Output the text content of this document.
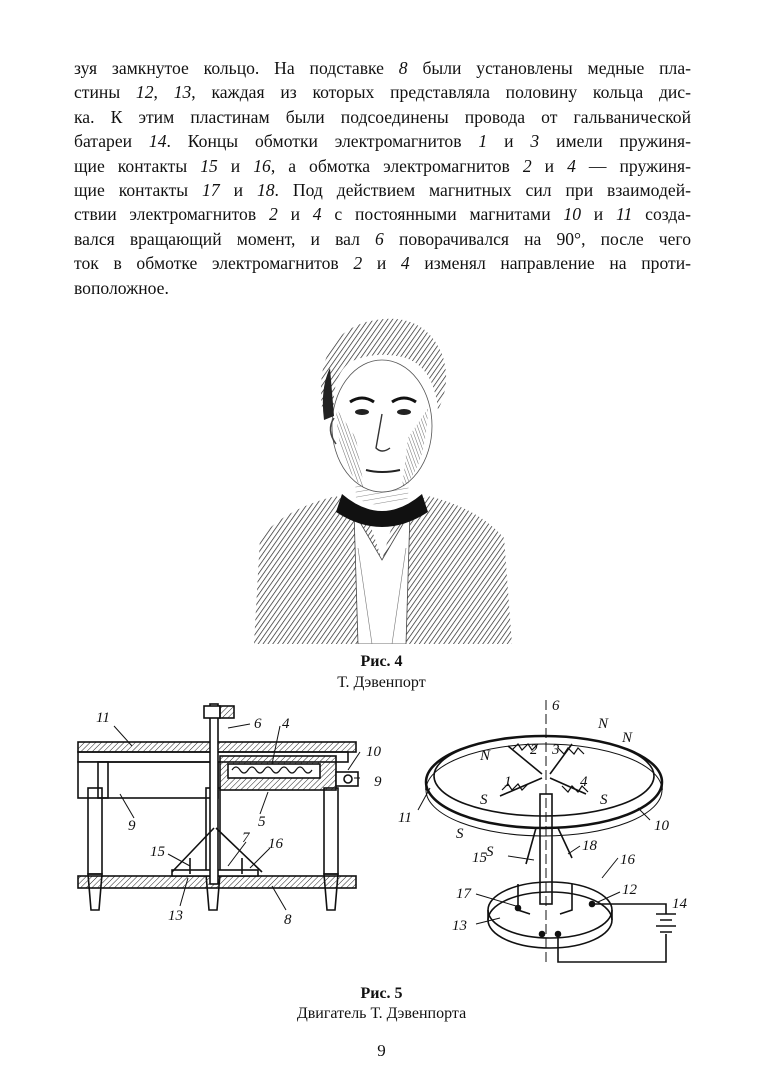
зуя замкнутое кольцо. На подставке 8 были установлены медные пла-
стины 12, 13, каждая из которых представляла половину кольца дис-
ка. К этим пластинам были подсоединены провода от гальванической
батареи 14. Концы обмотки электромагнитов 1 и 3 имели пружиня-
щие контакты 15 и 16, а обмотка электромагнитов 2 и 4 — пружиня-
щие контакты 17 и 18. Под действием магнитных сил при взаимодей-
ствии электромагнитов 2 и 4 с постоянными магнитами 10 и 11 созда-
вался вращающий момент, и вал 6 поворачивался на 90°, после чего
ток в обмотке электромагнитов 2 и 4 изменял направление на проти-
воположное.
Рис. 4
Т. Дэвенпорт
11	6 4
10
9
9	5
15
7 16
13	8
6
N
N
N	2 3
1	4
S	S
S
S
11	10
15
18
16
17	12
14
13
Рис. 5
Двигатель Т. Дэвенпорта
9
